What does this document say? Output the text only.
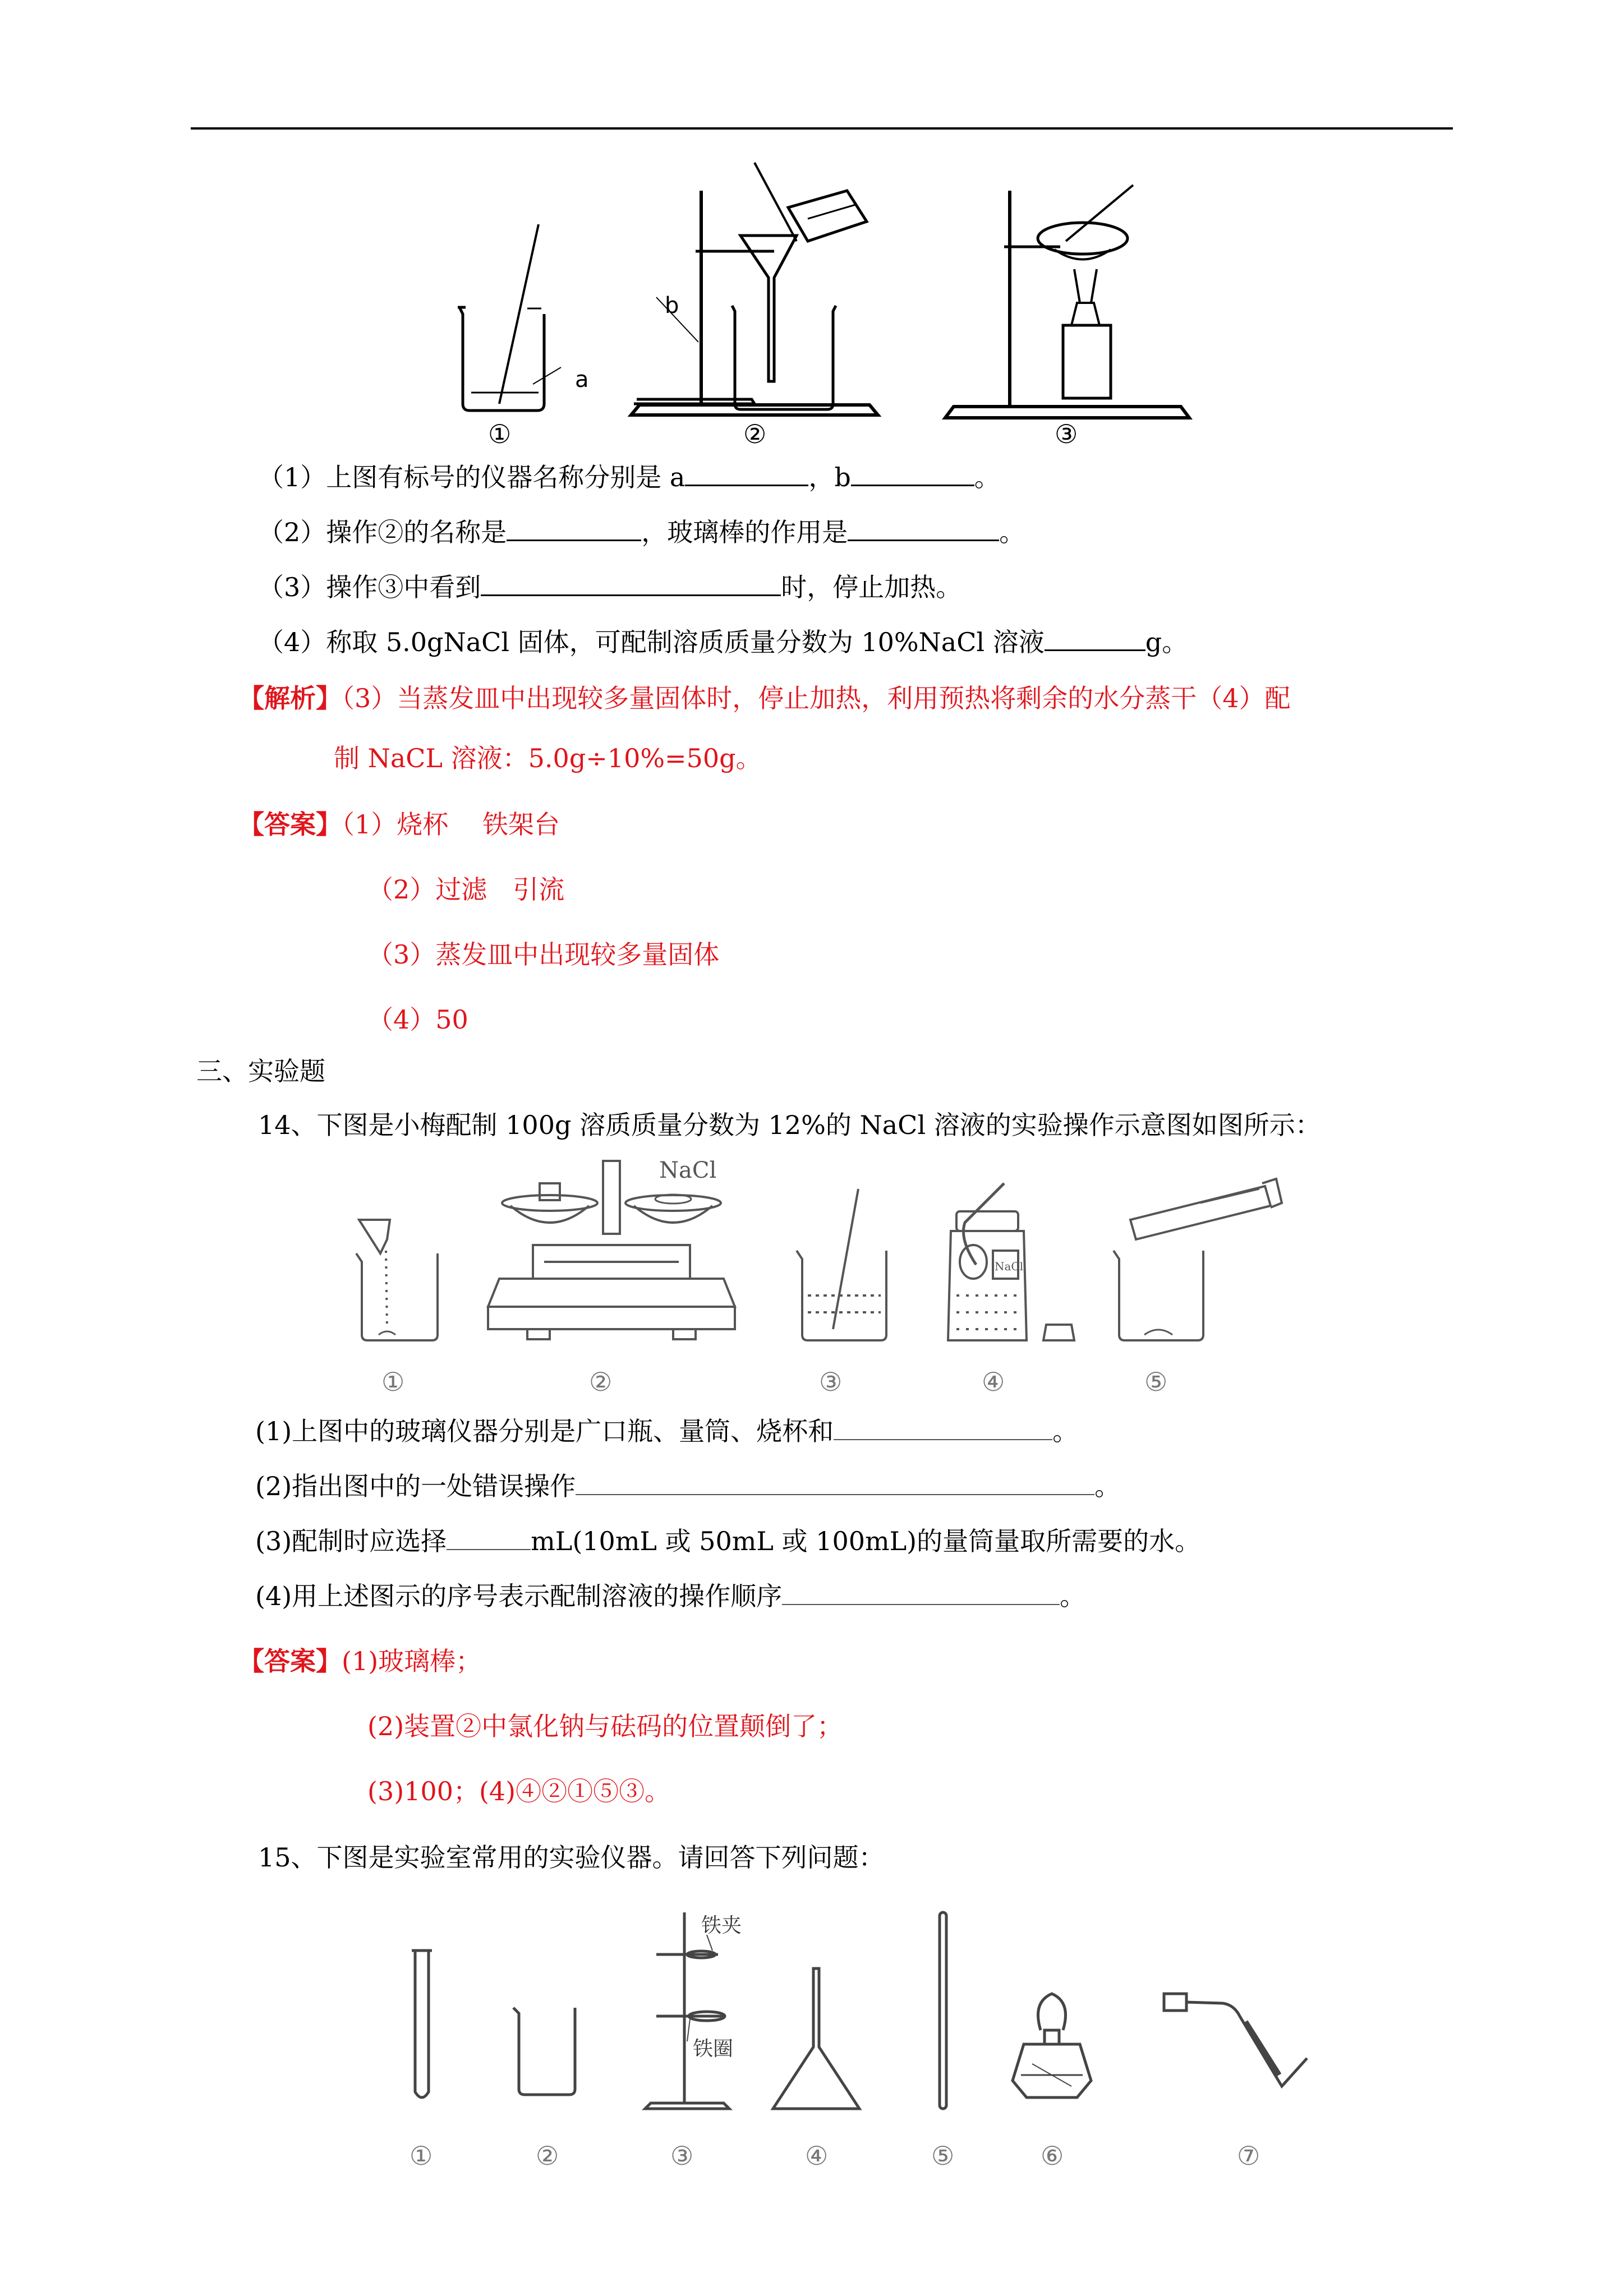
a
b
①	②	③
（1）上图有标号的仪器名称分别是 a	，b	。
（2）操作②的名称是	，玻璃棒的作用是	。
（3）操作③中看到	时，停止加热。
（4）称取 5.0gNaCl 固体，可配制溶质质量分数为 10%NaCl 溶液	g。
【解析】（3）当蒸发皿中出现较多量固体时，停止加热，利用预热将剩余的水分蒸干（4）配
制 NaCL 溶液：5.0g÷10%=50g。
【答案】（1）烧杯　 铁架台
（2）过滤　引流
（3）蒸发皿中出现较多量固体
（4）50
三、实验题
14、下图是小梅配制 100g 溶质质量分数为 12%的 NaCl 溶液的实验操作示意图如图所示：
NaCl
NaCl
①	②	③	④	⑤
(1)上图中的玻璃仪器分别是广口瓶、量筒、烧杯和	。
(2)指出图中的一处错误操作	。
(3)配制时应选择	mL(10mL 或 50mL 或 100mL)的量筒量取所需要的水。
(4)用上述图示的序号表示配制溶液的操作顺序	。
【答案】(1)玻璃棒；
(2)装置②中氯化钠与砝码的位置颠倒了；
(3)100；(4)④②①⑤③。
15、下图是实验室常用的实验仪器。请回答下列问题：
铁夹
铁圈
①	②	③	④	⑤	⑥	⑦
